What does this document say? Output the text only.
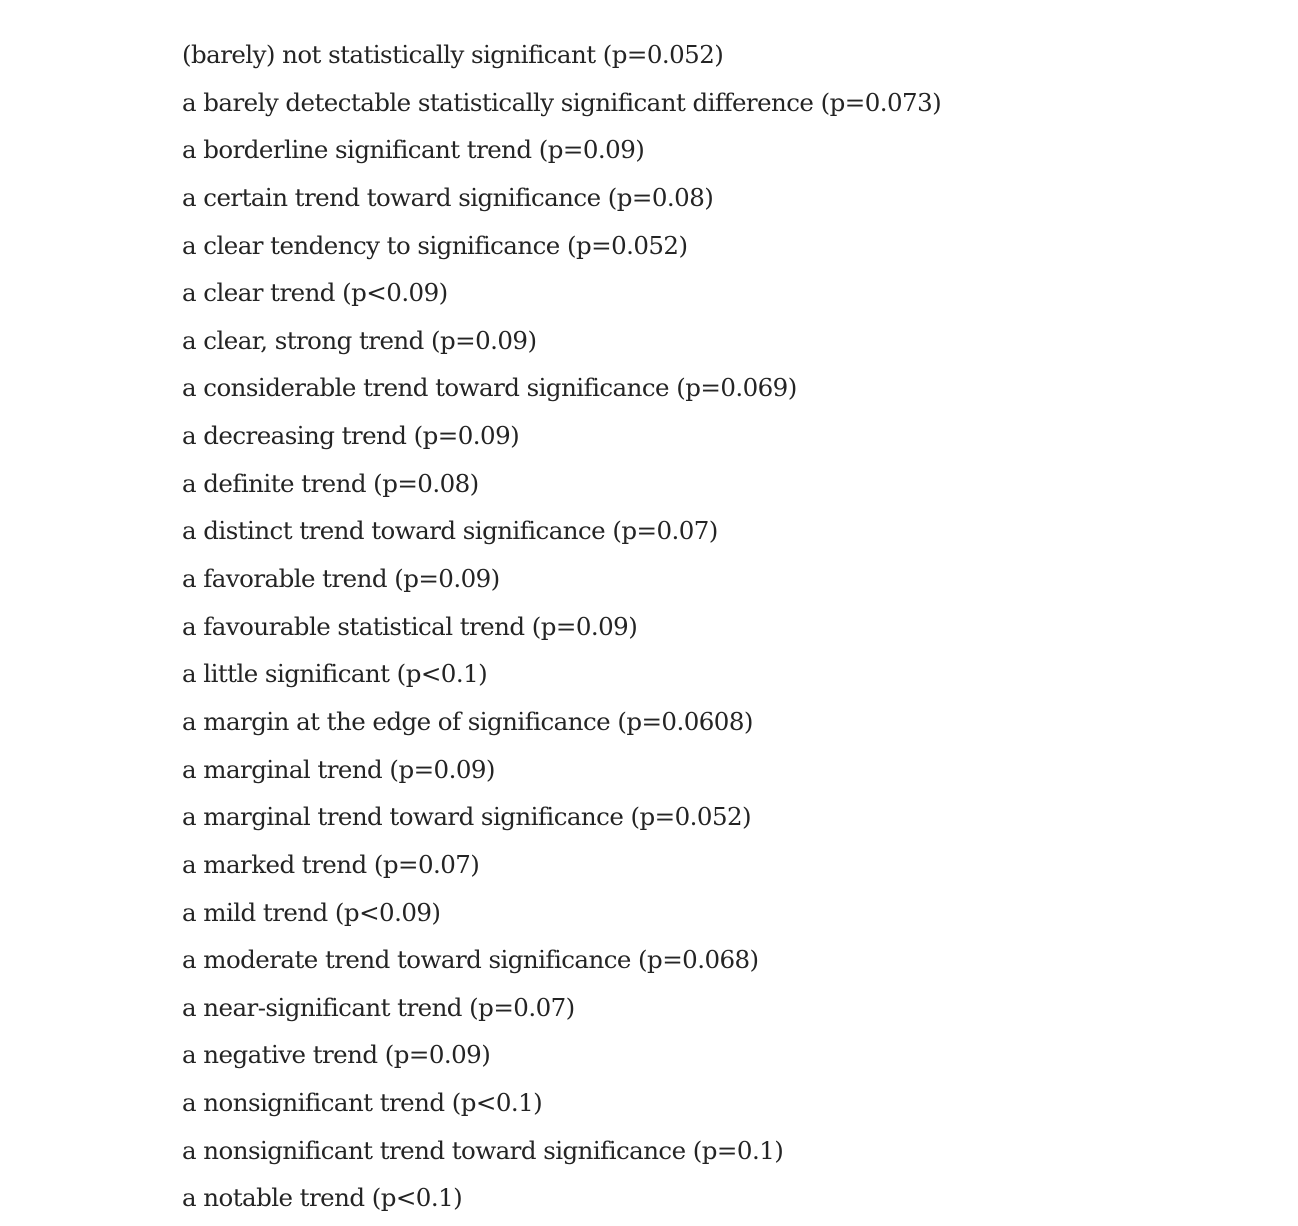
(barely) not statistically significant (p=0.052)
a barely detectable statistically significant difference (p=0.073)
a borderline significant trend (p=0.09)
a certain trend toward significance (p=0.08)
a clear tendency to significance (p=0.052)
a clear trend (p<0.09)
a clear, strong trend (p=0.09)
a considerable trend toward significance (p=0.069)
a decreasing trend (p=0.09)
a definite trend (p=0.08)
a distinct trend toward significance (p=0.07)
a favorable trend (p=0.09)
a favourable statistical trend (p=0.09)
a little significant (p<0.1)
a margin at the edge of significance (p=0.0608)
a marginal trend (p=0.09)
a marginal trend toward significance (p=0.052)
a marked trend (p=0.07)
a mild trend (p<0.09)
a moderate trend toward significance (p=0.068)
a near-significant trend (p=0.07)
a negative trend (p=0.09)
a nonsignificant trend (p<0.1)
a nonsignificant trend toward significance (p=0.1)
a notable trend (p<0.1)
